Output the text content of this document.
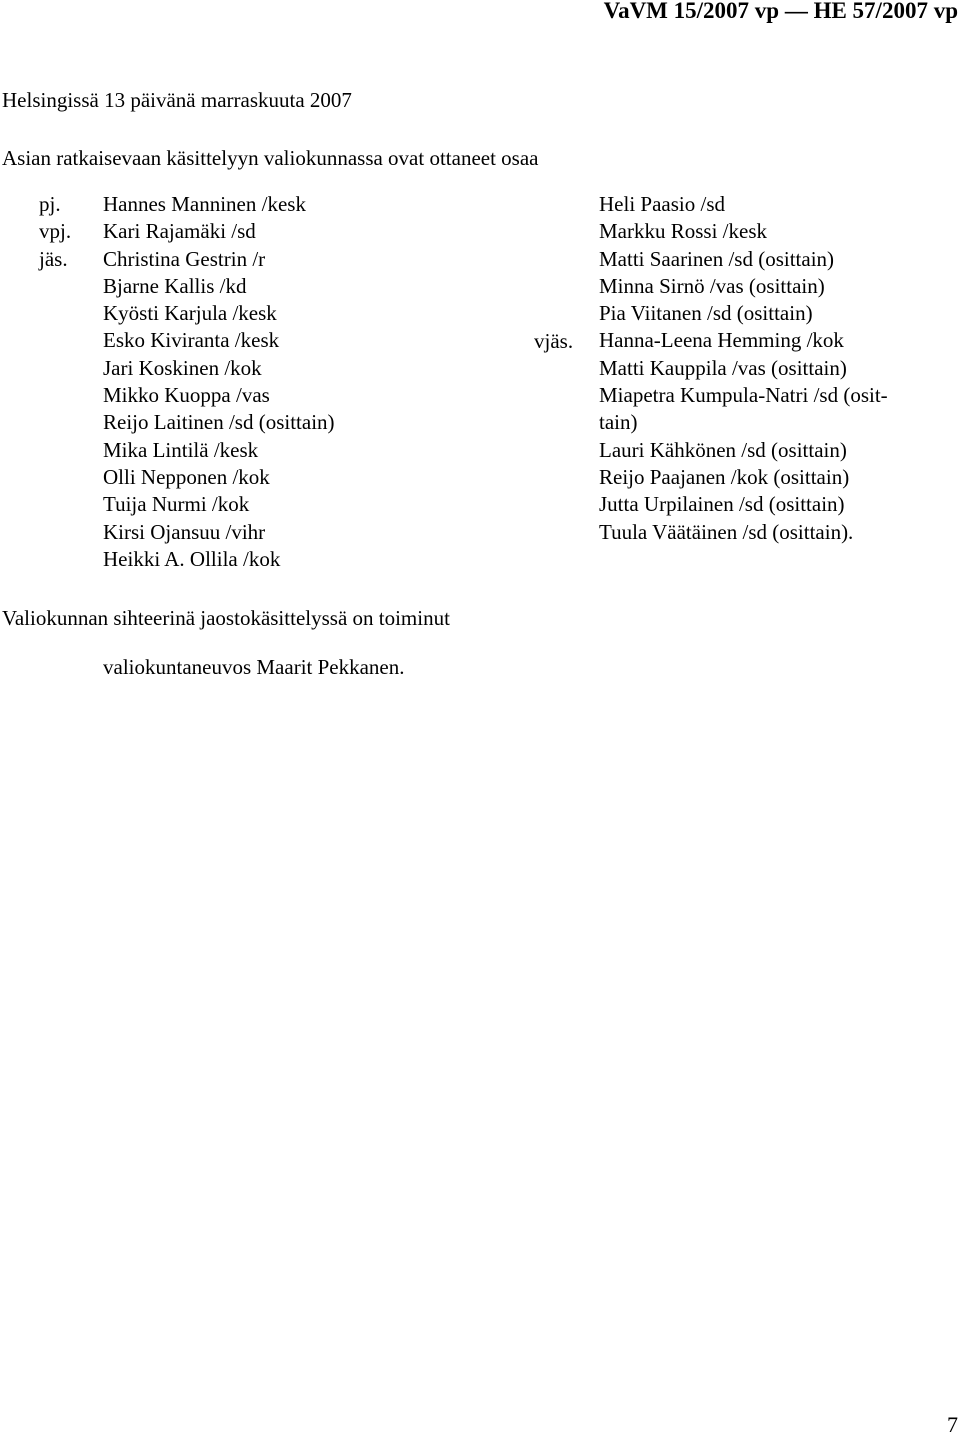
VaVM 15/2007 vp — HE 57/2007 vp
Helsingissä 13 päivänä marraskuuta 2007
Asian ratkaisevaan käsittelyyn valiokunnassa ovat ottaneet osaa
pj.
vpj.
jäs.
Hannes Manninen /kesk
Kari Rajamäki /sd
Christina Gestrin /r
Bjarne Kallis /kd
Kyösti Karjula /kesk
Esko Kiviranta /kesk
Jari Koskinen /kok
Mikko Kuoppa /vas
Reijo Laitinen /sd (osittain)
Mika Lintilä /kesk
Olli Nepponen /kok
Tuija Nurmi /kok
Kirsi Ojansuu /vihr
Heikki A. Ollila /kok
vjäs.
Heli Paasio /sd
Markku Rossi /kesk
Matti Saarinen /sd (osittain)
Minna Sirnö /vas (osittain)
Pia Viitanen /sd (osittain)
Hanna-Leena Hemming /kok
Matti Kauppila /vas (osittain)
Miapetra Kumpula-Natri /sd (osit-
tain)
Lauri Kähkönen /sd (osittain)
Reijo Paajanen /kok (osittain)
Jutta Urpilainen /sd (osittain)
Tuula Väätäinen /sd (osittain).
Valiokunnan sihteerinä jaostokäsittelyssä on toiminut
valiokuntaneuvos Maarit Pekkanen.
7
